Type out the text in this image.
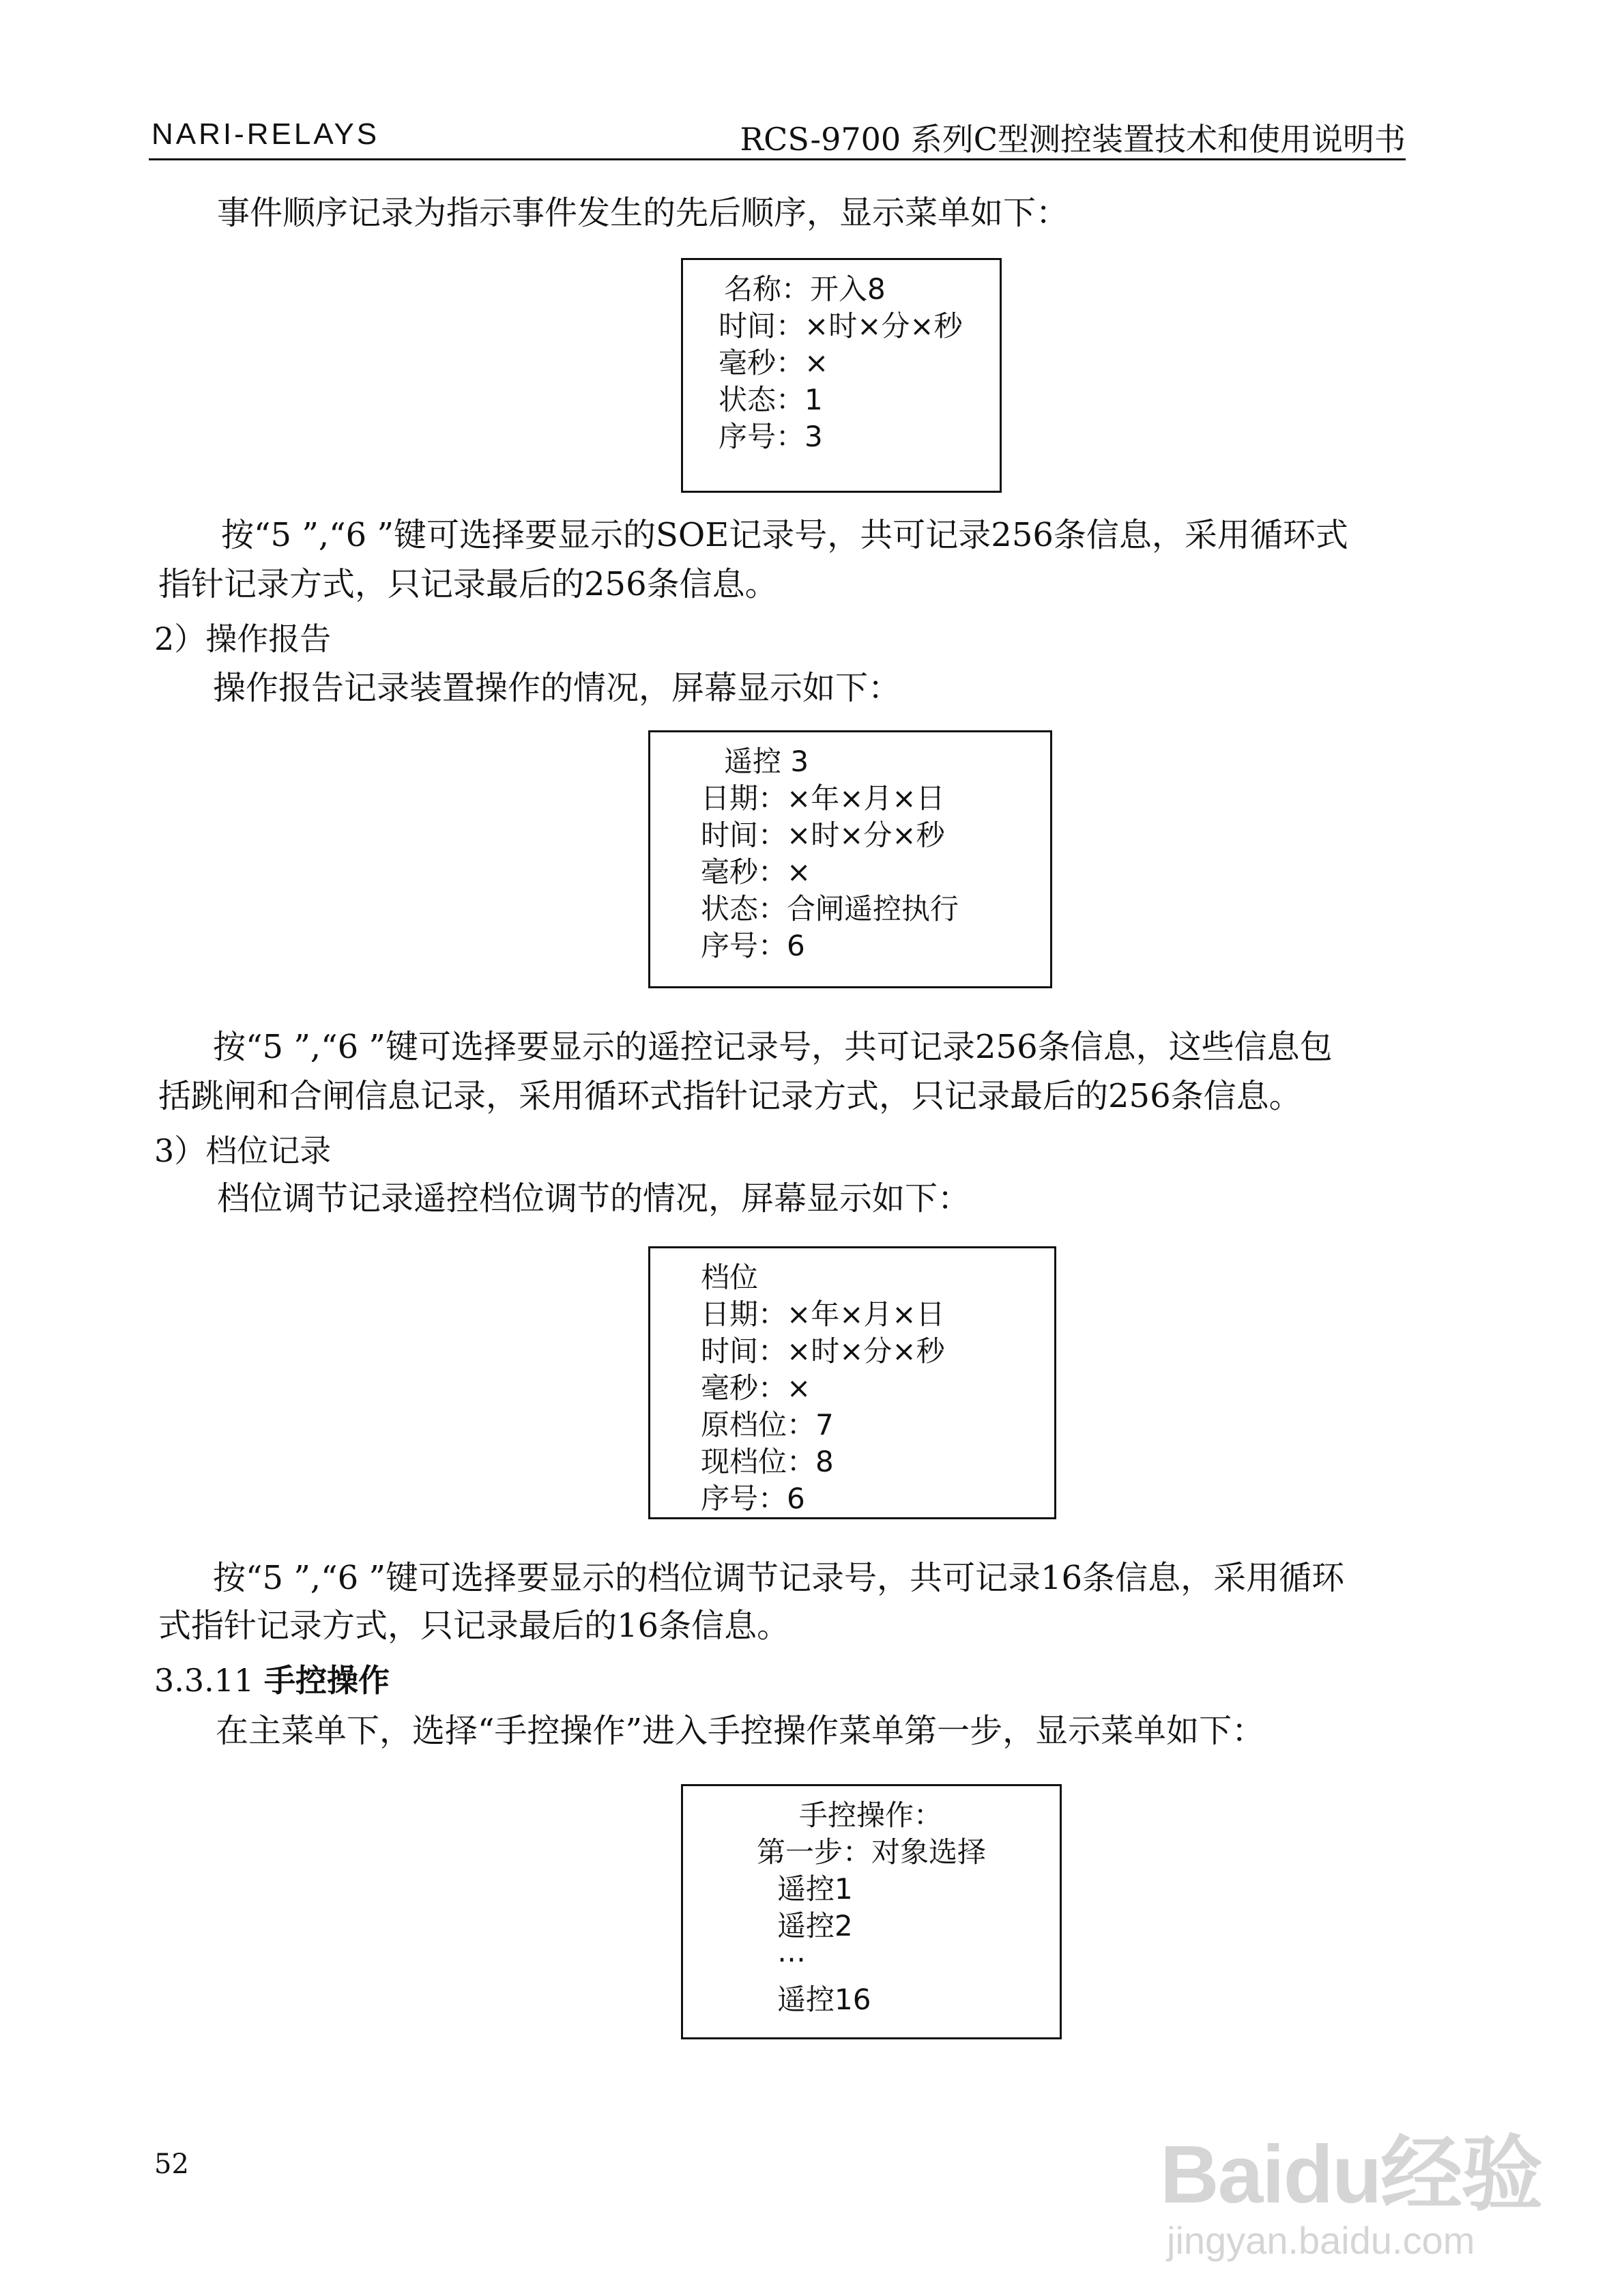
NARI-RELAYS	RCS-9700 系列C型测控装置技术和使用说明书
事件顺序记录为指示事件发生的先后顺序，显示菜单如下：
名称：开入8
时间：×时×分×秒
毫秒：×
状态：1
序号：3
按“5 ”,“6 ”键可选择要显示的SOE记录号，共可记录256条信息，采用循环式
指针记录方式，只记录最后的256条信息。
2）操作报告
操作报告记录装置操作的情况，屏幕显示如下：
遥控 3
日期：×年×月×日
时间：×时×分×秒
毫秒：×
状态：合闸遥控执行
序号：6
按“5 ”,“6 ”键可选择要显示的遥控记录号，共可记录256条信息，这些信息包
括跳闸和合闸信息记录，采用循环式指针记录方式，只记录最后的256条信息。
3）档位记录
档位调节记录遥控档位调节的情况，屏幕显示如下：
档位
日期：×年×月×日
时间：×时×分×秒
毫秒：×
原档位：7
现档位：8
序号：6
按“5 ”,“6 ”键可选择要显示的档位调节记录号，共可记录16条信息，采用循环
式指针记录方式，只记录最后的16条信息。
3.3.11 手控操作
在主菜单下，选择“手控操作”进入手控操作菜单第一步，显示菜单如下：
手控操作：
第一步：对象选择
遥控1
遥控2
…
遥控16
52	Baidu经验
jingyan.baidu.com
